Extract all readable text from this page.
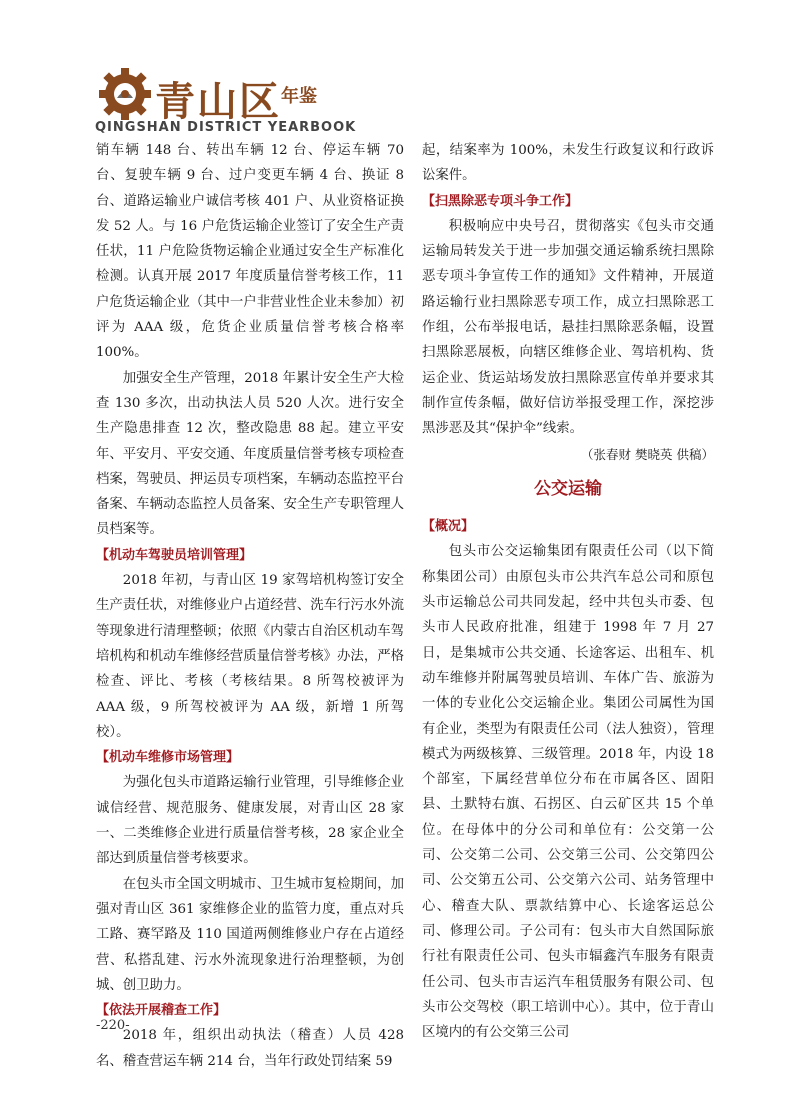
青山区 年鉴
QINGSHAN DISTRICT YEARBOOK

销车辆 148 台、转出车辆 12 台、停运车辆 70 台、复驶车辆 9 台、过户变更车辆 4 台、换证 8 台、道路运输业户诚信考核 401 户、从业资格证换发 52 人。与 16 户危货运输企业签订了安全生产责任状，11 户危险货物运输企业通过安全生产标准化检测。认真开展 2017 年度质量信誉考核工作，11 户危货运输企业（其中一户非营业性企业未参加）初评为 AAA 级，危货企业质量信誉考核合格率 100%。

加强安全生产管理，2018 年累计安全生产大检查 130 多次，出动执法人员 520 人次。进行安全生产隐患排查 12 次，整改隐患 88 起。建立平安年、平安月、平安交通、年度质量信誉考核专项检查档案，驾驶员、押运员专项档案，车辆动态监控平台备案、车辆动态监控人员备案、安全生产专职管理人员档案等。

【机动车驾驶员培训管理】

2018 年初，与青山区 19 家驾培机构签订安全生产责任状，对维修业户占道经营、洗车行污水外流等现象进行清理整顿；依照《内蒙古自治区机动车驾培机构和机动车维修经营质量信誉考核》办法，严格检查、评比、考核（考核结果。8 所驾校被评为 AAA 级，9 所驾校被评为 AA 级，新增 1 所驾校）。

【机动车维修市场管理】

为强化包头市道路运输行业管理，引导维修企业诚信经营、规范服务、健康发展，对青山区 28 家一、二类维修企业进行质量信誉考核，28 家企业全部达到质量信誉考核要求。

在包头市全国文明城市、卫生城市复检期间，加强对青山区 361 家维修企业的监管力度，重点对兵工路、赛罕路及 110 国道两侧维修业户存在占道经营、私搭乱建、污水外流现象进行治理整顿，为创城、创卫助力。

【依法开展稽查工作】

2018 年，组织出动执法（稽查）人员 428 名、稽查营运车辆 214 台，当年行政处罚结案 59

起，结案率为 100%，未发生行政复议和行政诉讼案件。

【扫黑除恶专项斗争工作】

积极响应中央号召，贯彻落实《包头市交通运输局转发关于进一步加强交通运输系统扫黑除恶专项斗争宣传工作的通知》文件精神，开展道路运输行业扫黑除恶专项工作，成立扫黑除恶工作组，公布举报电话，悬挂扫黑除恶条幅，设置扫黑除恶展板，向辖区维修企业、驾培机构、货运企业、货运站场发放扫黑除恶宣传单并要求其制作宣传条幅，做好信访举报受理工作，深挖涉黑涉恶及其“保护伞”线索。

（张春财 樊晓英 供稿）

公交运输

【概况】

包头市公交运输集团有限责任公司（以下简称集团公司）由原包头市公共汽车总公司和原包头市运输总公司共同发起，经中共包头市委、包头市人民政府批准，组建于 1998 年 7 月 27 日，是集城市公共交通、长途客运、出租车、机动车维修并附属驾驶员培训、车体广告、旅游为一体的专业化公交运输企业。集团公司属性为国有企业，类型为有限责任公司（法人独资），管理模式为两级核算、三级管理。2018 年，内设 18 个部室，下属经营单位分布在市属各区、固阳县、土默特右旗、石拐区、白云矿区共 15 个单位。在母体中的分公司和单位有：公交第一公司、公交第二公司、公交第三公司、公交第四公司、公交第五公司、公交第六公司、站务管理中心、稽查大队、票款结算中心、长途客运总公司、修理公司。子公司有：包头市大自然国际旅行社有限责任公司、包头市辐鑫汽车服务有限责任公司、包头市吉运汽车租赁服务有限公司、包头市公交驾校（职工培训中心）。其中，位于青山区境内的有公交第三公司

-220-
